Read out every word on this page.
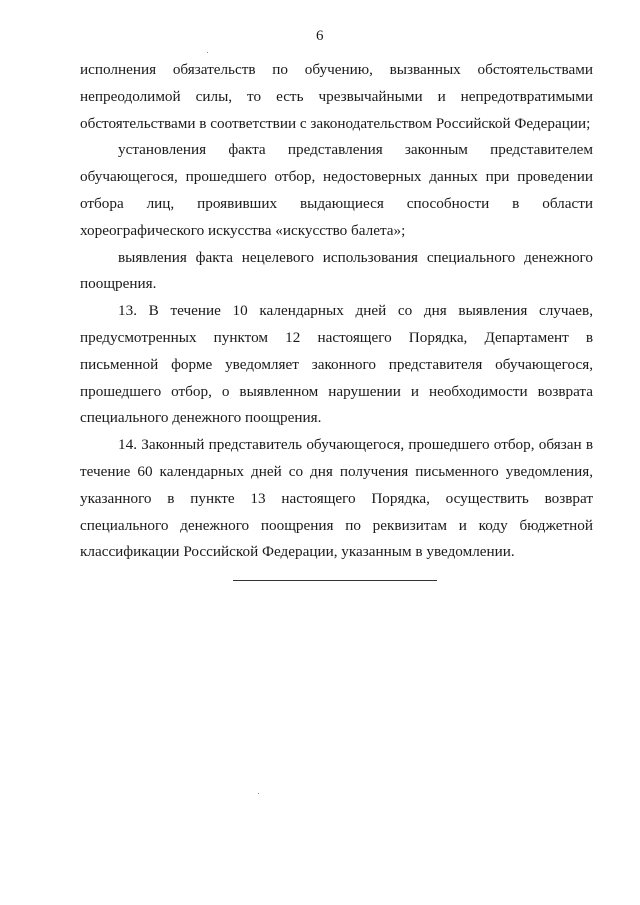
6

исполнения обязательств по обучению, вызванных обстоятельствами непреодолимой силы, то есть чрезвычайными и непредотвратимыми обстоятельствами в соответствии с законодательством Российской Федерации;

установления факта представления законным представителем обучающегося, прошедшего отбор, недостоверных данных при проведении отбора лиц, проявивших выдающиеся способности в области хореографического искусства «искусство балета»;

выявления факта нецелевого использования специального денежного поощрения.

13. В течение 10 календарных дней со дня выявления случаев, предусмотренных пунктом 12 настоящего Порядка, Департамент в письменной форме уведомляет законного представителя обучающегося, прошедшего отбор, о выявленном нарушении и необходимости возврата специального денежного поощрения.

14. Законный представитель обучающегося, прошедшего отбор, обязан в течение 60 календарных дней со дня получения письменного уведомления, указанного в пункте 13 настоящего Порядка, осуществить возврат специального денежного поощрения по реквизитам и коду бюджетной классификации Российской Федерации, указанным в уведомлении.
